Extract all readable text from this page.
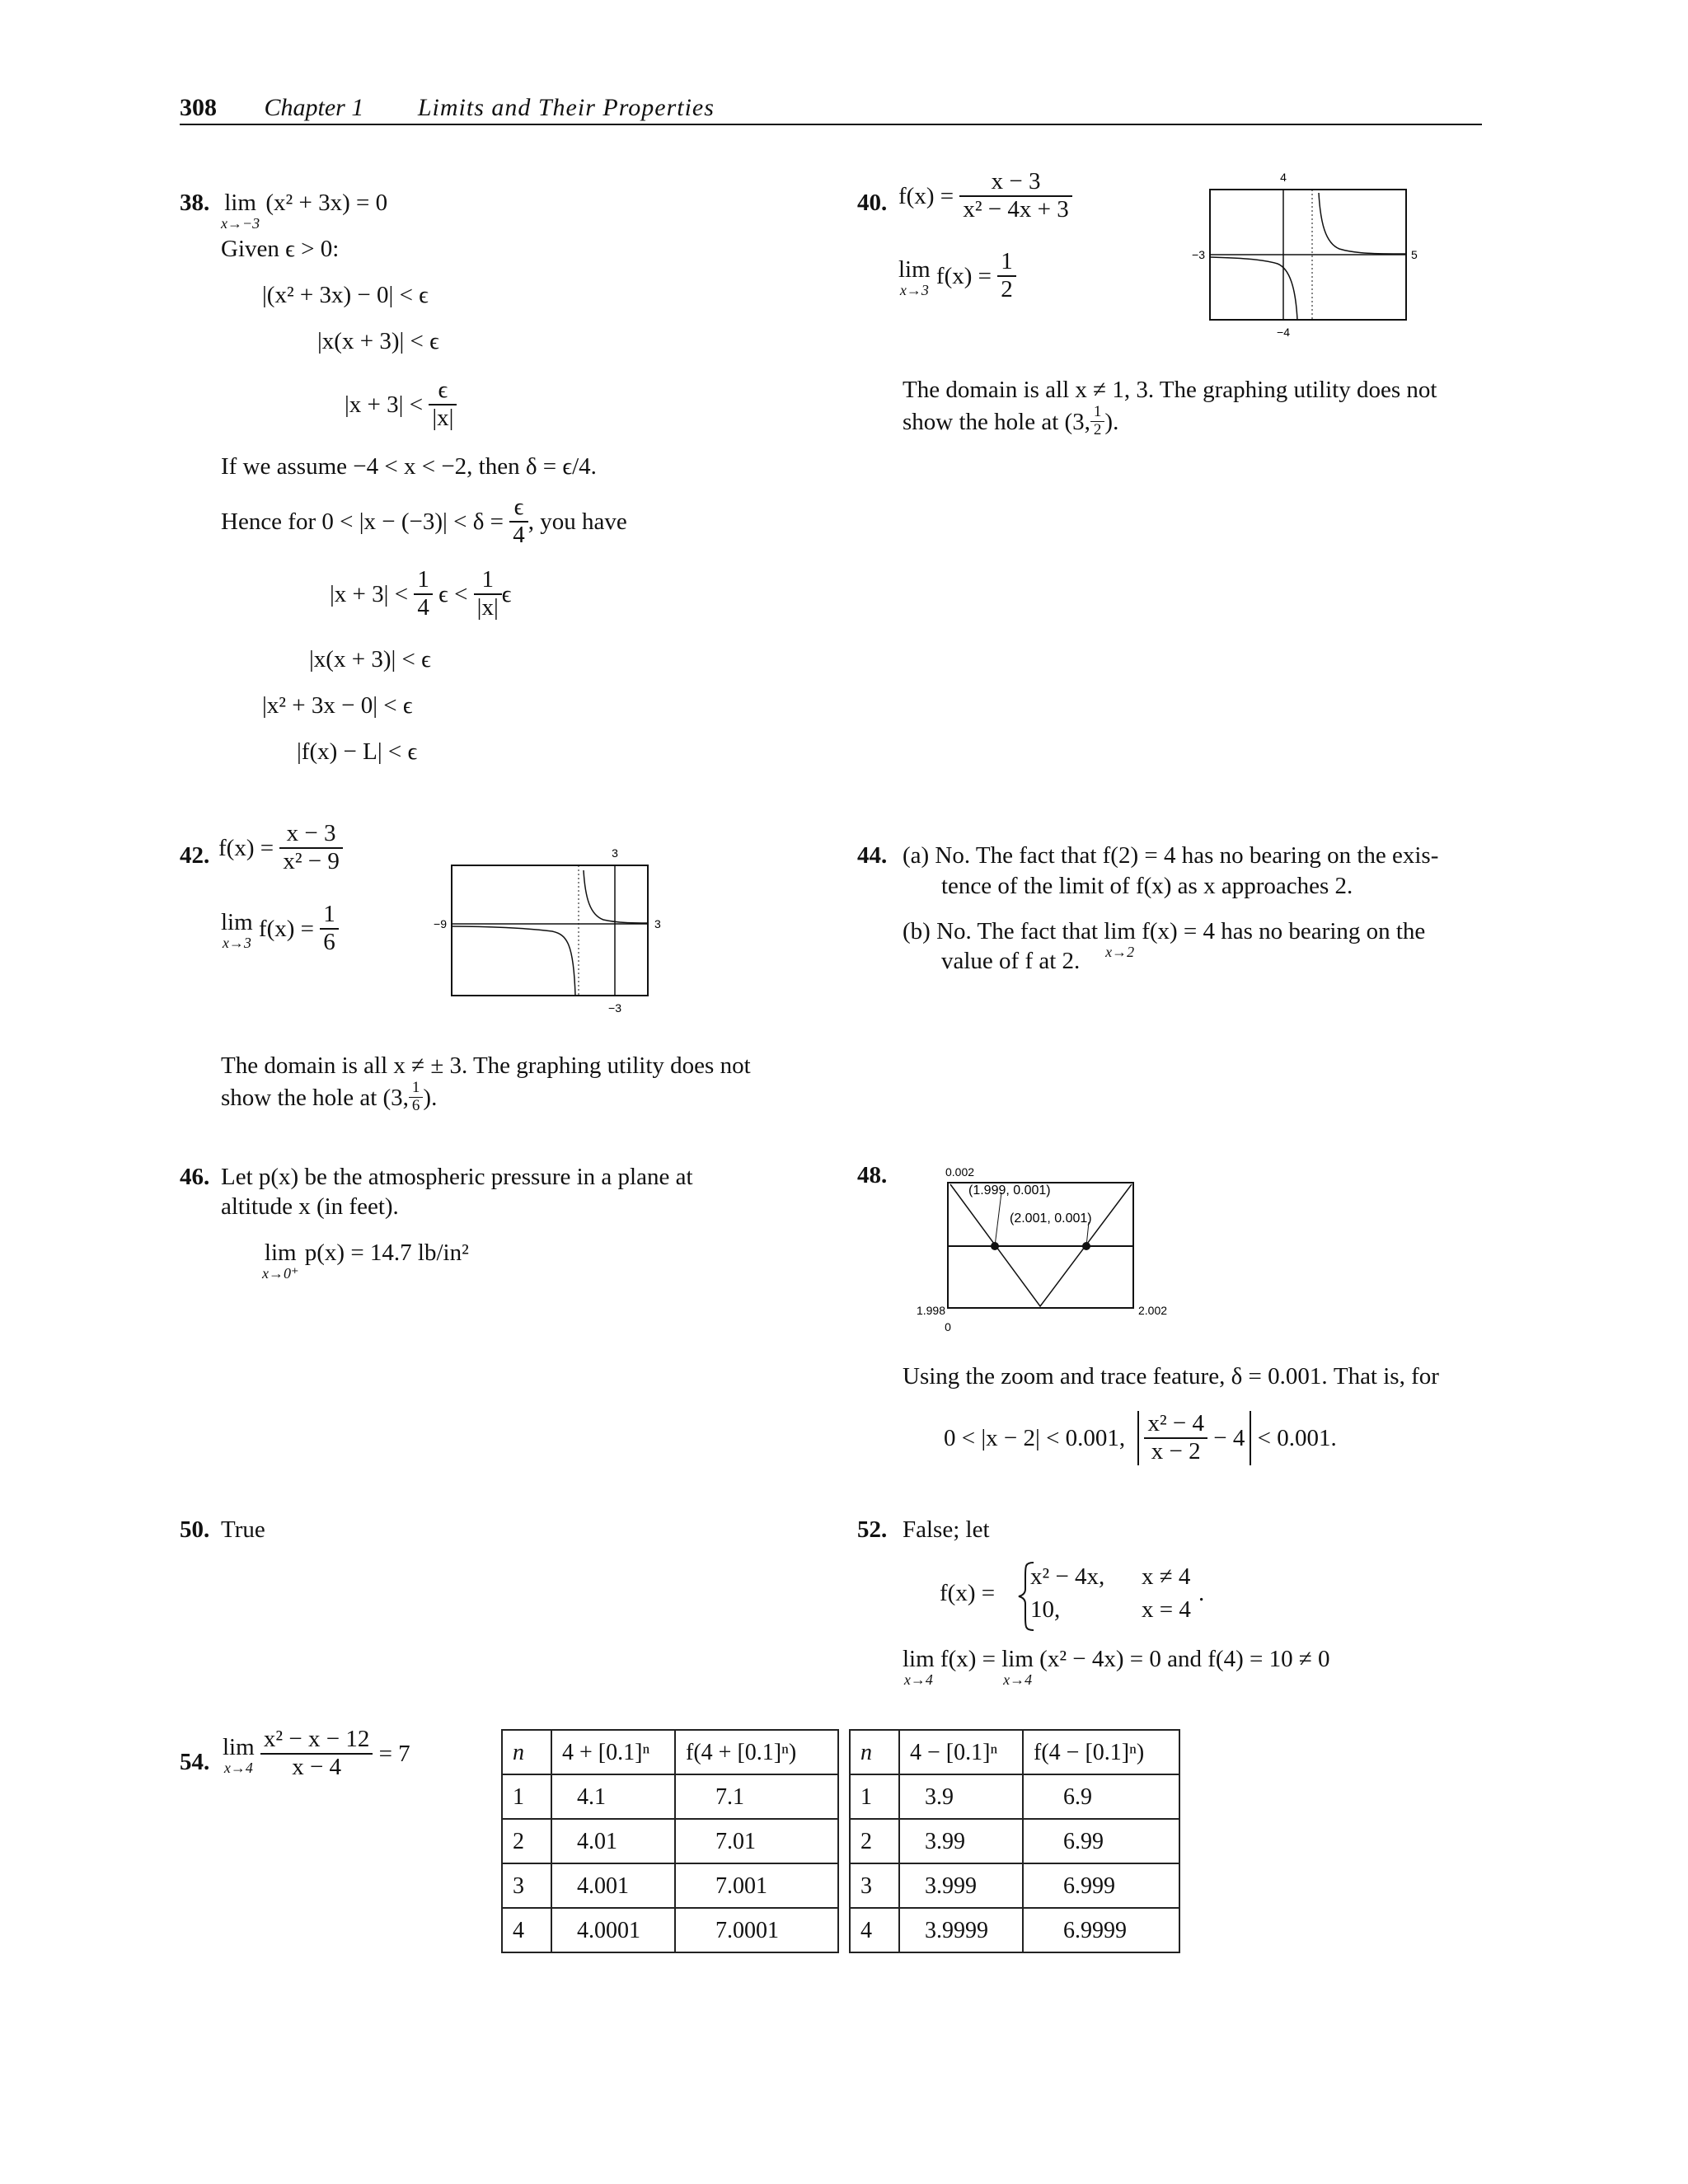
308 Chapter 1 Limits and Their Properties
38. lim
x→−3
(x² + 3x) = 0
Given ϵ > 0:
|(x² + 3x) − 0| < ϵ
|x(x + 3)| < ϵ
$|x + 3| < \frac{\epsilon}{|x|}$
If we assume −4 < x < −2, then δ = ϵ/4.
Hence for $0 < |x - (-3)| < \delta = \frac{\epsilon}{4}$ , you have
$|x + 3| < \frac{1}{4}$ $\epsilon < \frac{1}{|x|}$ ϵ
|x(x + 3)| < ϵ
|x² + 3x − 0| < ϵ
|f(x) − L| < ϵ
40. $f(x) = \frac{x - 3}{\text{x² − 4x + 3}}$
lim
x→3
$f(x) = \frac{1}{2}$
4
−4
−3	5
The domain is all x ≠ 1, 3. The graphing utility does not
show the hole at (3, $\frac{1}{2}$ ).
42. $f(x) = \frac{x - 3}{\text{x² − 9}}$
lim
x→3
$f(x) = \frac{1}{6}$
3
−3
−9	3
The domain is all x ≠ ± 3. The graphing utility does not
show the hole at (3, $\frac{1}{6}$ ).
44. (a) No. The fact that f(2) = 4 has no bearing on the exis-
tence of the limit of f(x) as x approaches 2.
(b) No. The fact that lim
x→2
f(x) = 4 has no bearing on the
value of f at 2.
46. Let p(x) be the atmospheric pressure in a plane at
altitude x (in feet).
lim
x→0⁺
p(x) = 14.7 lb/in²
48.
(1.999, 0.001)
(2.001, 0.001)
0.002
1.998
0
2.002
Using the zoom and trace feature, δ = 0.001. That is, for
0 < |x − 2| < 0.001, $\frac{\text{x² − 4}}{x - 2} - 4 < 0.001$.
50. True	52. False; let
f(x) =
x² − 4x, x ≠ 4
10,	x = 4
.
lim
x→4
f(x) = lim
x→4
(x² − 4x) = 0 and f(4) = 10 ≠ 0
54.
lim
x→4
$\frac{\text{x² − x − 12}}{x - 4} = 7$	n	4 + [0.1]ⁿ	f(4 + [0.1]ⁿ)
1	4.1	7.1
2	4.01	7.01
3	4.001	7.001
4	4.0001	7.0001
n	4 − [0.1]ⁿ	f(4 − [0.1]ⁿ)
1	3.9	6.9
2	3.99	6.99
3	3.999	6.999
4	3.9999	6.9999
